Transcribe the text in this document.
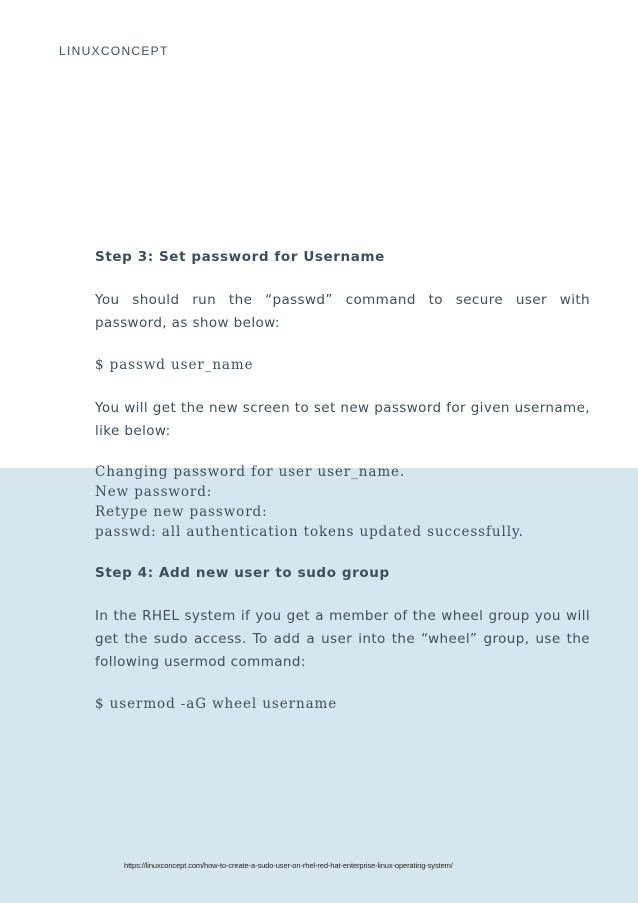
LINUXCONCEPT
Step 3: Set password for Username

You should run the “passwd” command to secure user with password, as show below:

$ passwd user_name

You will get the new screen to set new password for given username, like below:

Changing password for user user_name.
New password:
Retype new password:
passwd: all authentication tokens updated successfully.
Step 4: Add new user to sudo group

In the RHEL system if you get a member of the wheel group you will get the sudo access. To add a user into the “wheel” group, use the following usermod command:

$ usermod -aG wheel username
https://linuxconcept.com/how-to-create-a-sudo-user-on-rhel-red-hat-enterprise-linux-operating-system/
